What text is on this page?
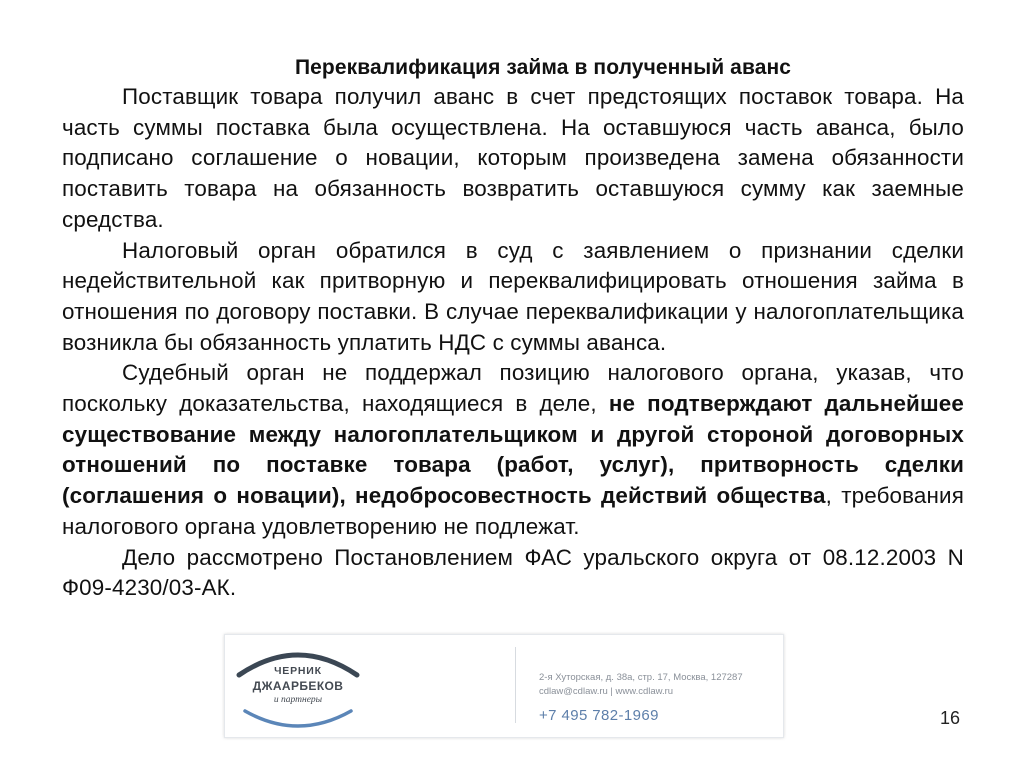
Переквалификация займа в полученный аванс

Поставщик товара получил аванс в счет предстоящих поставок товара. На часть суммы поставка была осуществлена. На оставшуюся часть аванса, было подписано соглашение о новации, которым произведена замена обязанности поставить товара на обязанность возвратить оставшуюся сумму как заемные средства.

Налоговый орган обратился в суд с заявлением о признании сделки недействительной как притворную и переквалифицировать отношения займа в отношения по договору поставки. В случае переквалификации у налогоплательщика возникла бы обязанность уплатить НДС с суммы аванса.

Судебный орган не поддержал позицию налогового органа, указав, что поскольку доказательства, находящиеся в деле, не подтверждают дальнейшее существование между налогоплательщиком и другой стороной договорных отношений по поставке товара (работ, услуг), притворность сделки (соглашения о новации), недобросовестность действий общества, требования налогового органа удовлетворению не подлежат.

Дело рассмотрено Постановлением ФАС уральского округа от 08.12.2003 N Ф09-4230/03-АК.

ЧЕРНИК
ДЖААРБЕКОВ
и партнеры
2-я Хуторская, д. 38а, стр. 17, Москва, 127287
cdlaw@cdlaw.ru | www.cdlaw.ru
+7 495 782-1969	16
